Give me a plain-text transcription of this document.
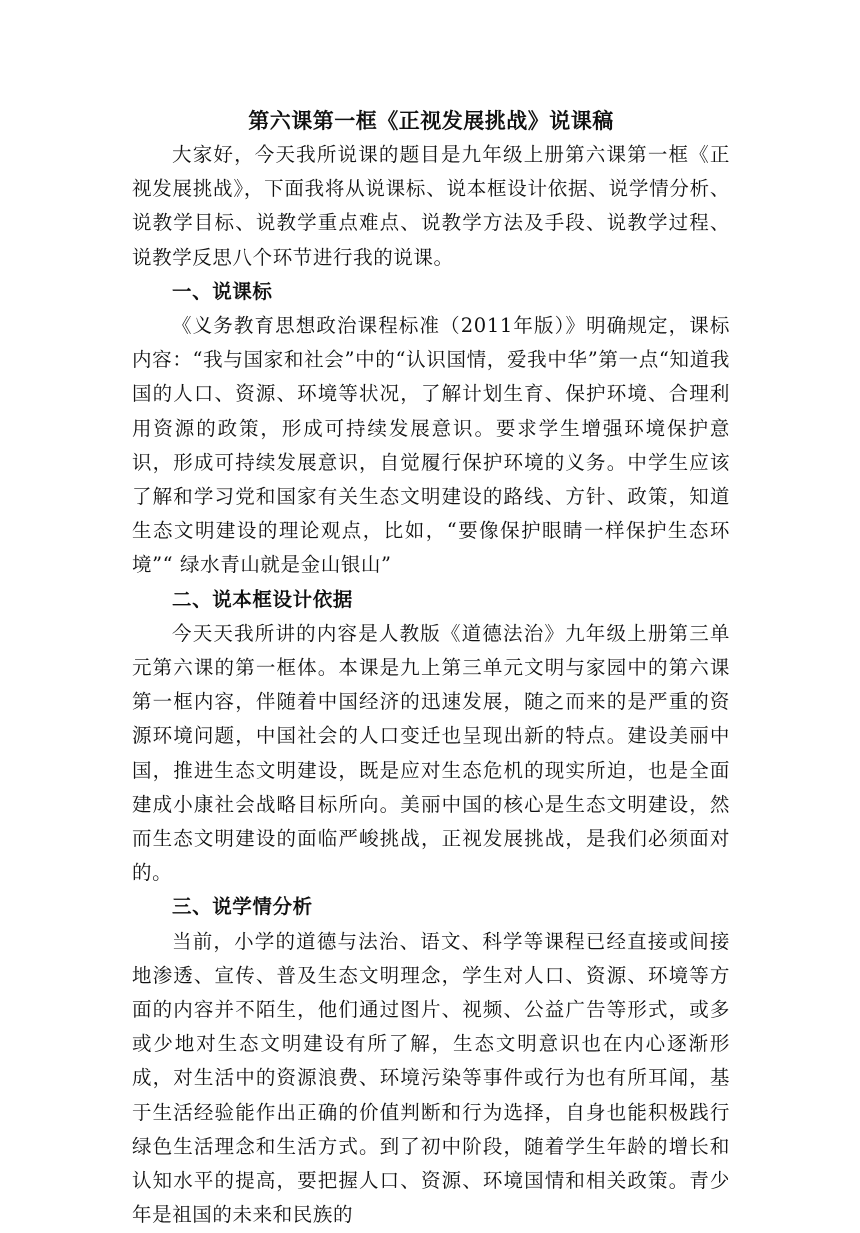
第六课第一框《正视发展挑战》说课稿

大家好，今天我所说课的题目是九年级上册第六课第一框《正视发展挑战》，下面我将从说课标、说本框设计依据、说学情分析、说教学目标、说教学重点难点、说教学方法及手段、说教学过程、说教学反思八个环节进行我的说课。

一、说课标

《义务教育思想政治课程标准（2011年版）》明确规定，课标内容：“我与国家和社会”中的“认识国情，爱我中华”第一点“知道我国的人口、资源、环境等状况，了解计划生育、保护环境、合理利用资源的政策，形成可持续发展意识。要求学生增强环境保护意识，形成可持续发展意识，自觉履行保护环境的义务。中学生应该了解和学习党和国家有关生态文明建设的路线、方针、政策，知道生态文明建设的理论观点，比如，“要像保护眼睛一样保护生态环境”“ 绿水青山就是金山银山”

二、说本框设计依据

今天天我所讲的内容是人教版《道德法治》九年级上册第三单元第六课的第一框体。本课是九上第三单元文明与家园中的第六课第一框内容，伴随着中国经济的迅速发展，随之而来的是严重的资源环境问题，中国社会的人口变迁也呈现出新的特点。建设美丽中国，推进生态文明建设，既是应对生态危机的现实所迫，也是全面建成小康社会战略目标所向。美丽中国的核心是生态文明建设，然而生态文明建设的面临严峻挑战，正视发展挑战，是我们必须面对的。

三、说学情分析

当前，小学的道德与法治、语文、科学等课程已经直接或间接地渗透、宣传、普及生态文明理念，学生对人口、资源、环境等方面的内容并不陌生，他们通过图片、视频、公益广告等形式，或多或少地对生态文明建设有所了解，生态文明意识也在内心逐渐形成，对生活中的资源浪费、环境污染等事件或行为也有所耳闻，基于生活经验能作出正确的价值判断和行为选择，自身也能积极践行绿色生活理念和生活方式。到了初中阶段，随着学生年龄的增长和认知水平的提高，要把握人口、资源、环境国情和相关政策。青少年是祖国的未来和民族的
